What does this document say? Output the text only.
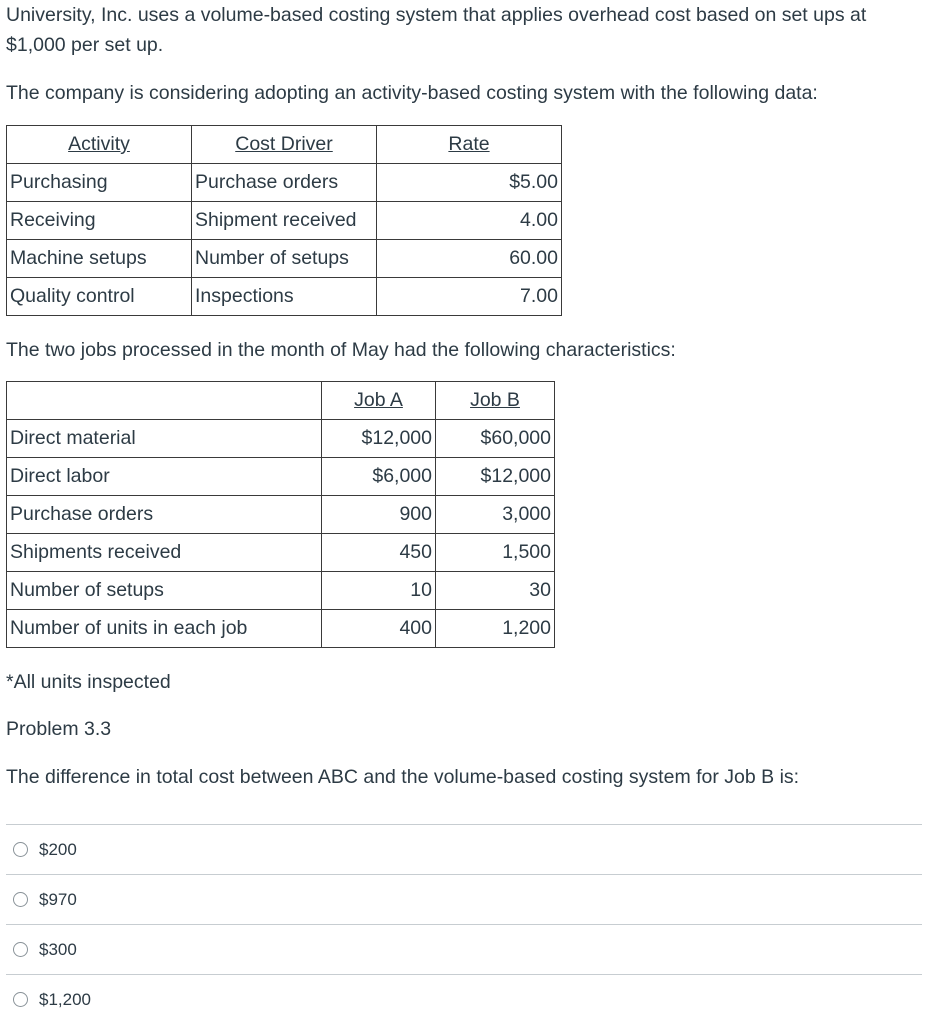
University, Inc. uses a volume-based costing system that applies overhead cost based on set ups at $1,000 per set up.

The company is considering adopting an activity-based costing system with the following data:

Activity	Cost Driver	Rate
Purchasing	Purchase orders	$5.00
Receiving	Shipment received	4.00
Machine setups	Number of setups	60.00
Quality control	Inspections	7.00

The two jobs processed in the month of May had the following characteristics:

	Job A	Job B
Direct material	$12,000	$60,000
Direct labor	$6,000	$12,000
Purchase orders	900	3,000
Shipments received	450	1,500
Number of setups	10	30
Number of units in each job	400	1,200

*All units inspected

Problem 3.3

The difference in total cost between ABC and the volume-based costing system for Job B is:

$200
$970
$300
$1,200
